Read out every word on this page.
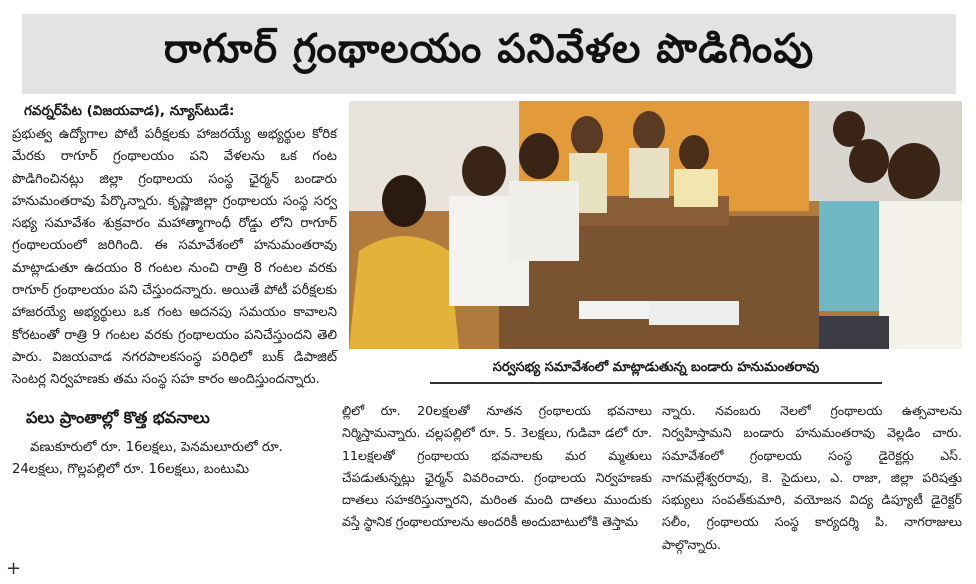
రాగూర్ గ్రంథాలయం పనివేళల పొడిగింపు
గవర్నర్‌పేట (విజయవాడ), న్యూస్‌టుడే:

ప్రభుత్వ ఉద్యోగాల పోటీ పరీక్షలకు హాజరయ్యే అభ్యర్థుల కోరిక మేరకు రాగూర్ గ్రంథాలయం పని వేళలను ఒక గంట పొడిగించినట్లు జిల్లా గ్రంథాలయ సంస్థ ఛైర్మన్ బండారు హనుమంతరావు పేర్కొన్నారు. కృష్ణాజిల్లా గ్రంథాలయ సంస్థ సర్వ సభ్య సమావేశం శుక్రవారం మహాత్మాగాంధీ రోడ్డు లోని రాగూర్ గ్రంథాలయంలో జరిగింది. ఈ సమావేశంలో హనుమంతరావు మాట్లాడుతూ ఉదయం 8 గంటల నుంచి రాత్రి 8 గంటల వరకు రాగూర్ గ్రంథాలయం పని చేస్తుందన్నారు. అయితే పోటీ పరీక్షలకు హాజరయ్యే అభ్యర్థులు ఒక గంట అదనపు సమయం కావాలని కోరటంతో రాత్రి 9 గంటల వరకు గ్రంథాలయం పనిచేస్తుందని తెలి పారు. విజయవాడ నగరపాలకసంస్థ పరిధిలో బుక్ డిపాజిట్ సెంటర్ల నిర్వహణకు తమ సంస్థ సహ కారం అందిస్తుందన్నారు.

పలు ప్రాంతాల్లో కొత్త భవనాలు

వణుకూరులో రూ. 16లక్షలు, పెనమలూరులో రూ. 24లక్షలు, గొల్లపల్లిలో రూ. 16లక్షలు, బంటుమి

సర్వసభ్య సమావేశంలో మాట్లాడుతున్న బండారు హనుమంతరావు

ల్లిలో రూ. 20లక్షలతో నూతన గ్రంథాలయ భవనాలు నిర్మిస్తామన్నారు. చల్లపల్లిలో రూ. 5. 3లక్షలు, గుడివా డలో రూ. 11లక్షలతో గ్రంథాలయ భవనాలకు మర మ్మతులు చేపడుతున్నట్లు ఛైర్మన్ వివరించారు. గ్రంథాలయ నిర్వహణకు దాతలు సహకరిస్తున్నారని, మరింత మంది దాతలు ముందుకు వస్తే స్థానిక గ్రంథాలయాలను అందరికీ అందుబాటులోకి తెస్తామ

న్నారు. నవంబరు నెలలో గ్రంథాలయ ఉత్సవాలను నిర్వహిస్తామని బండారు హనుమంతరావు వెల్లడిం చారు. సమావేశంలో గ్రంథాలయ సంస్థ డైరెక్టర్లు ఎస్. నాగమల్లేశ్వరరావు, కె. సైదులు, ఎ. రాజా, జిల్లా పరిషత్తు సభ్యులు సంపత్‌కుమారి, వయోజన విద్య డిప్యూటీ డైరెక్టర్ సలీం, గ్రంథాలయ సంస్థ కార్యదర్శి పి. నాగరాజులు పాల్గొన్నారు.

+
